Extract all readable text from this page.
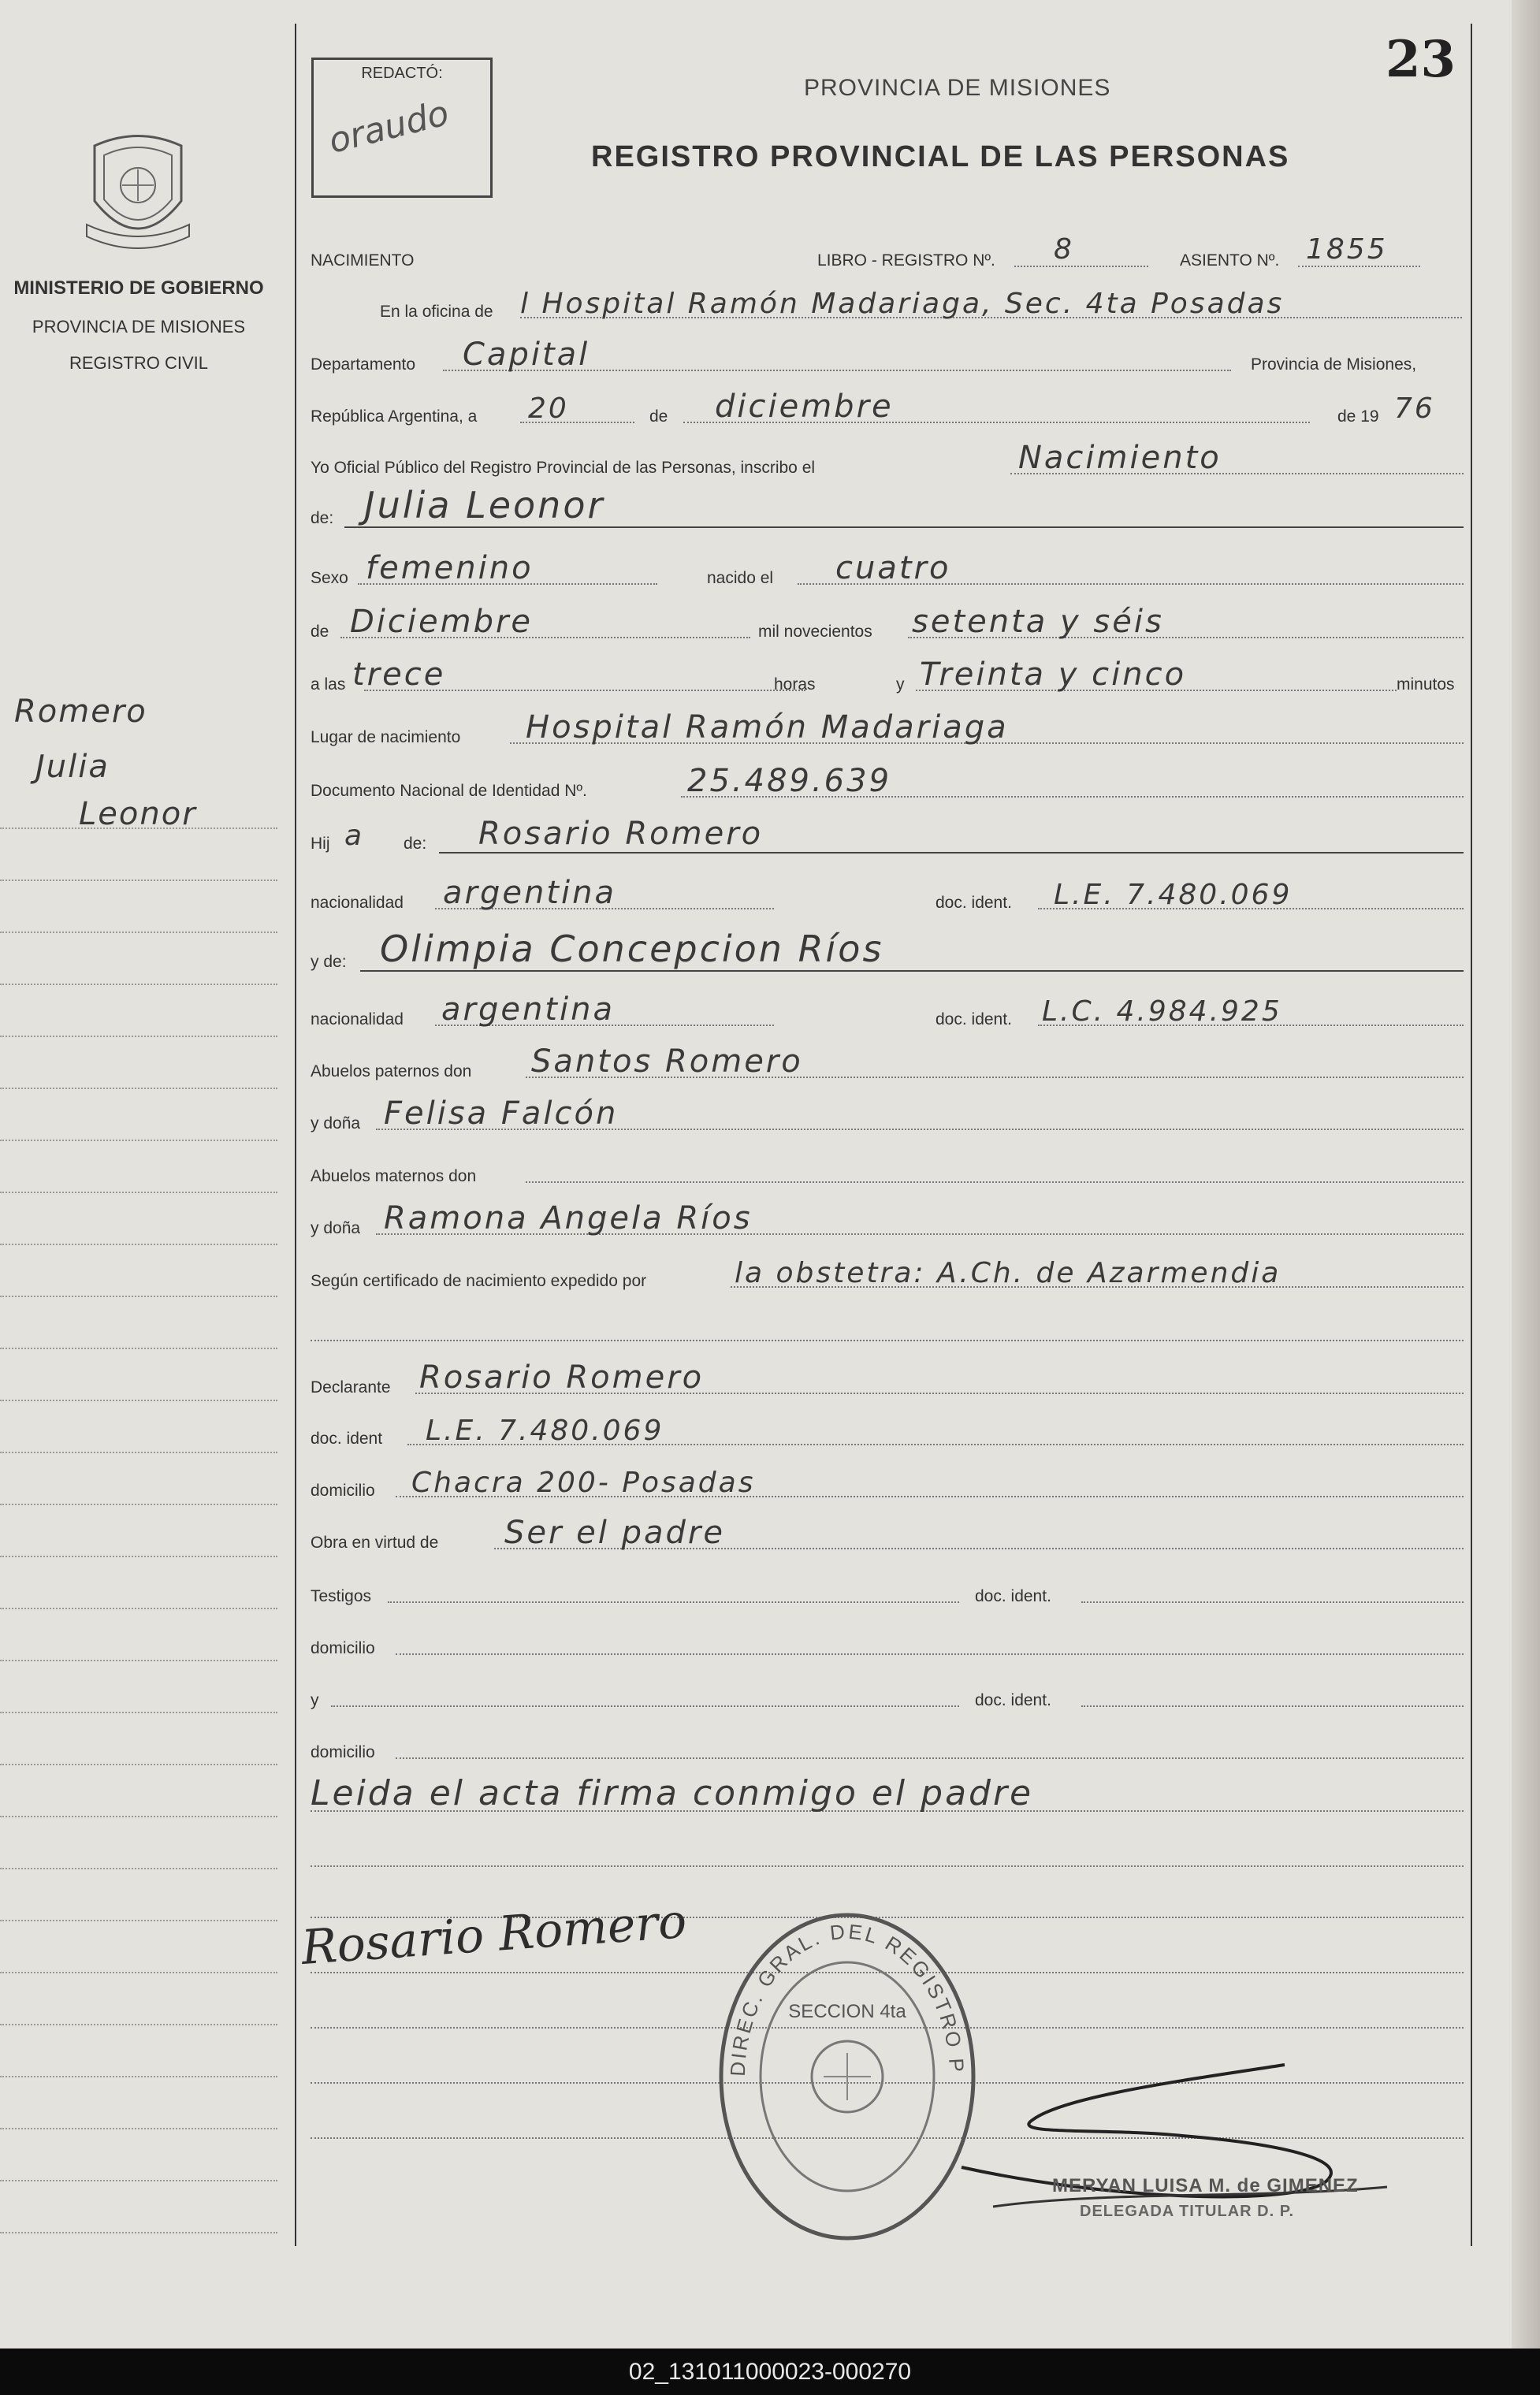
MINISTERIO DE GOBIERNO
PROVINCIA DE MISIONES
REGISTRO CIVIL
Romero
Julia
Leonor
REDACTÓ:
oraudo
PROVINCIA DE MISIONES
REGISTRO PROVINCIAL DE LAS PERSONAS
23
NACIMIENTO	LIBRO - REGISTRO Nº. 8	ASIENTO Nº. 1855
En la oficina de l Hospital Ramón Madariaga, Sec. 4ta Posadas
Departamento Capital	Provincia de Misiones,
República Argentina, a 20	de diciembre	de 19 76
Yo Oficial Público del Registro Provincial de las Personas, inscribo el	Nacimiento
de: Julia Leonor
Sexo femenino	nacido el cuatro
de Diciembre	mil novecientos setenta y séis
a las trece	horas	y Treinta y cinco	minutos
Lugar de nacimiento Hospital Ramón Madariaga
Documento Nacional de Identidad Nº.	25.489.639
Hij a de: Rosario Romero
nacionalidad argentina	doc. ident. L.E. 7.480.069
y de: Olimpia Concepcion Ríos
nacionalidad argentina	doc. ident. L.C. 4.984.925
Abuelos paternos don Santos Romero
y doña Felisa Falcón
Abuelos maternos don
y doña Ramona Angela Ríos
Según certificado de nacimiento expedido por	la obstetra: A.Ch. de Azarmendia
Declarante Rosario Romero
doc. ident L.E. 7.480.069
domicilio Chacra 200- Posadas
Obra en virtud de Ser el padre
Testigos	doc. ident.
domicilio
y	doc. ident.
domicilio
Leida el acta firma conmigo el padre
Rosario Romero
DIREC. GRAL. DEL REGISTRO P
SECCION 4ta
MERYAN LUISA M. de GIMENEZ
DELEGADA TITULAR D. P.
02_131011000023-000270
